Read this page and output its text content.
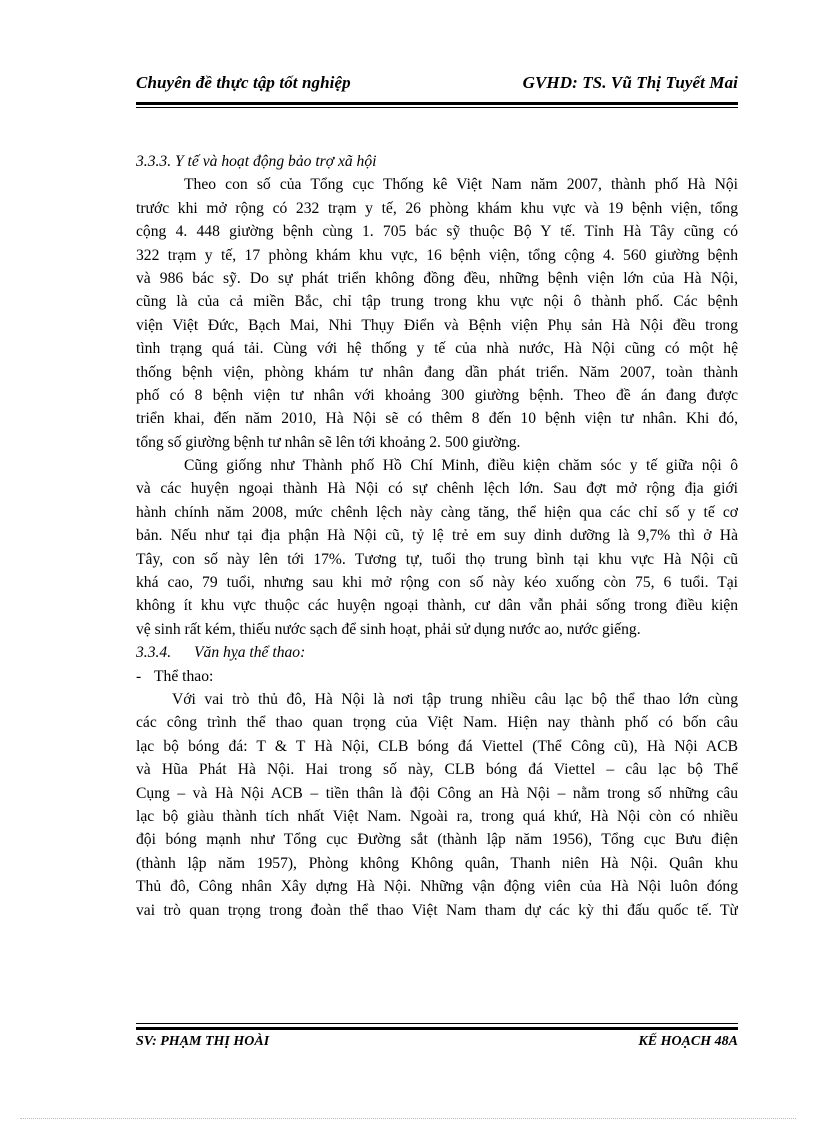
Chuyên đề thực tập tốt nghiệp	GVHD: TS. Vũ Thị Tuyết Mai
3.3.3. Y tế và hoạt động bảo trợ xã hội
Theo con số của Tổng cục Thống kê Việt Nam năm 2007, thành phố Hà Nội
trước khi mở rộng có 232 trạm y tế, 26 phòng khám khu vực và 19 bệnh viện, tổng
cộng 4. 448 giường bệnh cùng 1. 705 bác sỹ thuộc Bộ Y tế. Tỉnh Hà Tây cũng có
322 trạm y tế, 17 phòng khám khu vực, 16 bệnh viện, tổng cộng 4. 560 giường bệnh
và 986 bác sỹ. Do sự phát triển không đồng đều, những bệnh viện lớn của Hà Nội,
cũng là của cả miền Bắc, chỉ tập trung trong khu vực nội ô thành phố. Các bệnh
viện Việt Đức, Bạch Mai, Nhi Thụy Điển và Bệnh viện Phụ sản Hà Nội đều trong
tình trạng quá tải. Cùng với hệ thống y tế của nhà nước, Hà Nội cũng có một hệ
thống bệnh viện, phòng khám tư nhân đang dần phát triển. Năm 2007, toàn thành
phố có 8 bệnh viện tư nhân với khoảng 300 giường bệnh. Theo đề án đang được
triển khai, đến năm 2010, Hà Nội sẽ có thêm 8 đến 10 bệnh viện tư nhân. Khi đó,
tổng số giường bệnh tư nhân sẽ lên tới khoảng 2. 500 giường.
Cũng giống như Thành phố Hồ Chí Minh, điều kiện chăm sóc y tế giữa nội ô
và các huyện ngoại thành Hà Nội có sự chênh lệch lớn. Sau đợt mở rộng địa giới
hành chính năm 2008, mức chênh lệch này càng tăng, thể hiện qua các chỉ số y tế cơ
bản. Nếu như tại địa phận Hà Nội cũ, tỷ lệ trẻ em suy dinh dưỡng là 9,7% thì ở Hà
Tây, con số này lên tới 17%. Tương tự, tuổi thọ trung bình tại khu vực Hà Nội cũ
khá cao, 79 tuổi, nhưng sau khi mở rộng con số này kéo xuống còn 75, 6 tuổi. Tại
không ít khu vực thuộc các huyện ngoại thành, cư dân vẫn phải sống trong điều kiện
vệ sinh rất kém, thiếu nước sạch để sinh hoạt, phải sử dụng nước ao, nước giếng.
3.3.4. Văn hỵa thể thao:
- Thể thao:
Với vai trò thủ đô, Hà Nội là nơi tập trung nhiều câu lạc bộ thể thao lớn cùng
các công trình thể thao quan trọng của Việt Nam. Hiện nay thành phố có bốn câu
lạc bộ bóng đá: T & T Hà Nội, CLB bóng đá Viettel (Thể Công cũ), Hà Nội ACB
và Hũa Phát Hà Nội. Hai trong số này, CLB bóng đá Viettel – câu lạc bộ Thể
Cụng – và Hà Nội ACB – tiền thân là đội Công an Hà Nội – nằm trong số những câu
lạc bộ giàu thành tích nhất Việt Nam. Ngoài ra, trong quá khứ, Hà Nội còn có nhiều
đội bóng mạnh như Tổng cục Đường sắt (thành lập năm 1956), Tổng cục Bưu điện
(thành lập năm 1957), Phòng không Không quân, Thanh niên Hà Nội. Quân khu
Thủ đô, Công nhân Xây dựng Hà Nội. Những vận động viên của Hà Nội luôn đóng
vai trò quan trọng trong đoàn thể thao Việt Nam tham dự các kỳ thi đấu quốc tế. Từ
SV: PHẠM THỊ HOÀI	KẾ HOẠCH 48A
